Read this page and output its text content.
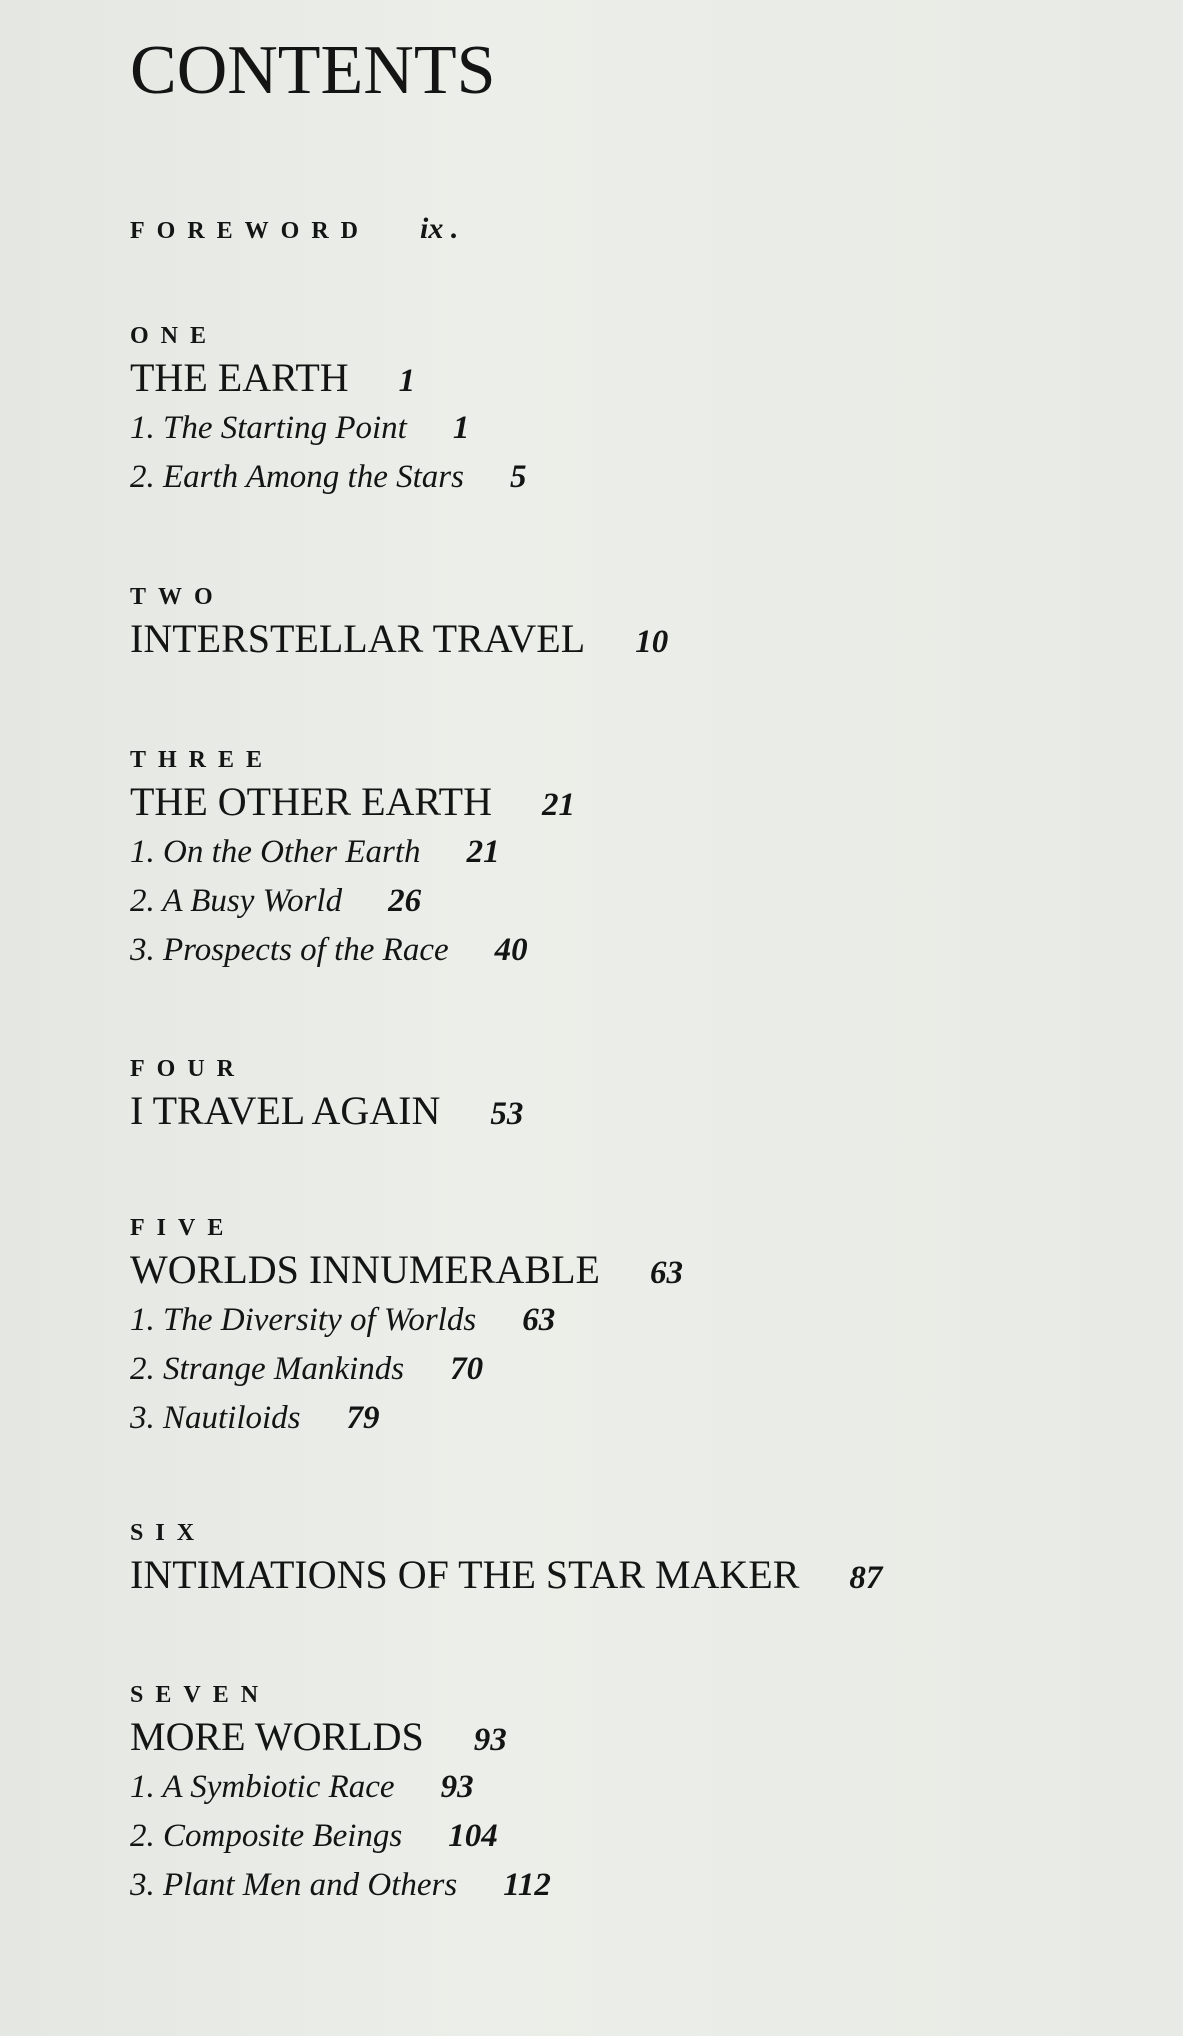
CONTENTS
FOREWORD ix .
ONE
THE EARTH 1
1. The Starting Point 1
2. Earth Among the Stars 5
TWO
INTERSTELLAR TRAVEL 10
THREE
THE OTHER EARTH 21
1. On the Other Earth 21
2. A Busy World 26
3. Prospects of the Race 40
FOUR
I TRAVEL AGAIN 53
FIVE
WORLDS INNUMERABLE 63
1. The Diversity of Worlds 63
2. Strange Mankinds 70
3. Nautiloids 79
SIX
INTIMATIONS OF THE STAR MAKER 87
SEVEN
MORE WORLDS 93
1. A Symbiotic Race 93
2. Composite Beings 104
3. Plant Men and Others 112
